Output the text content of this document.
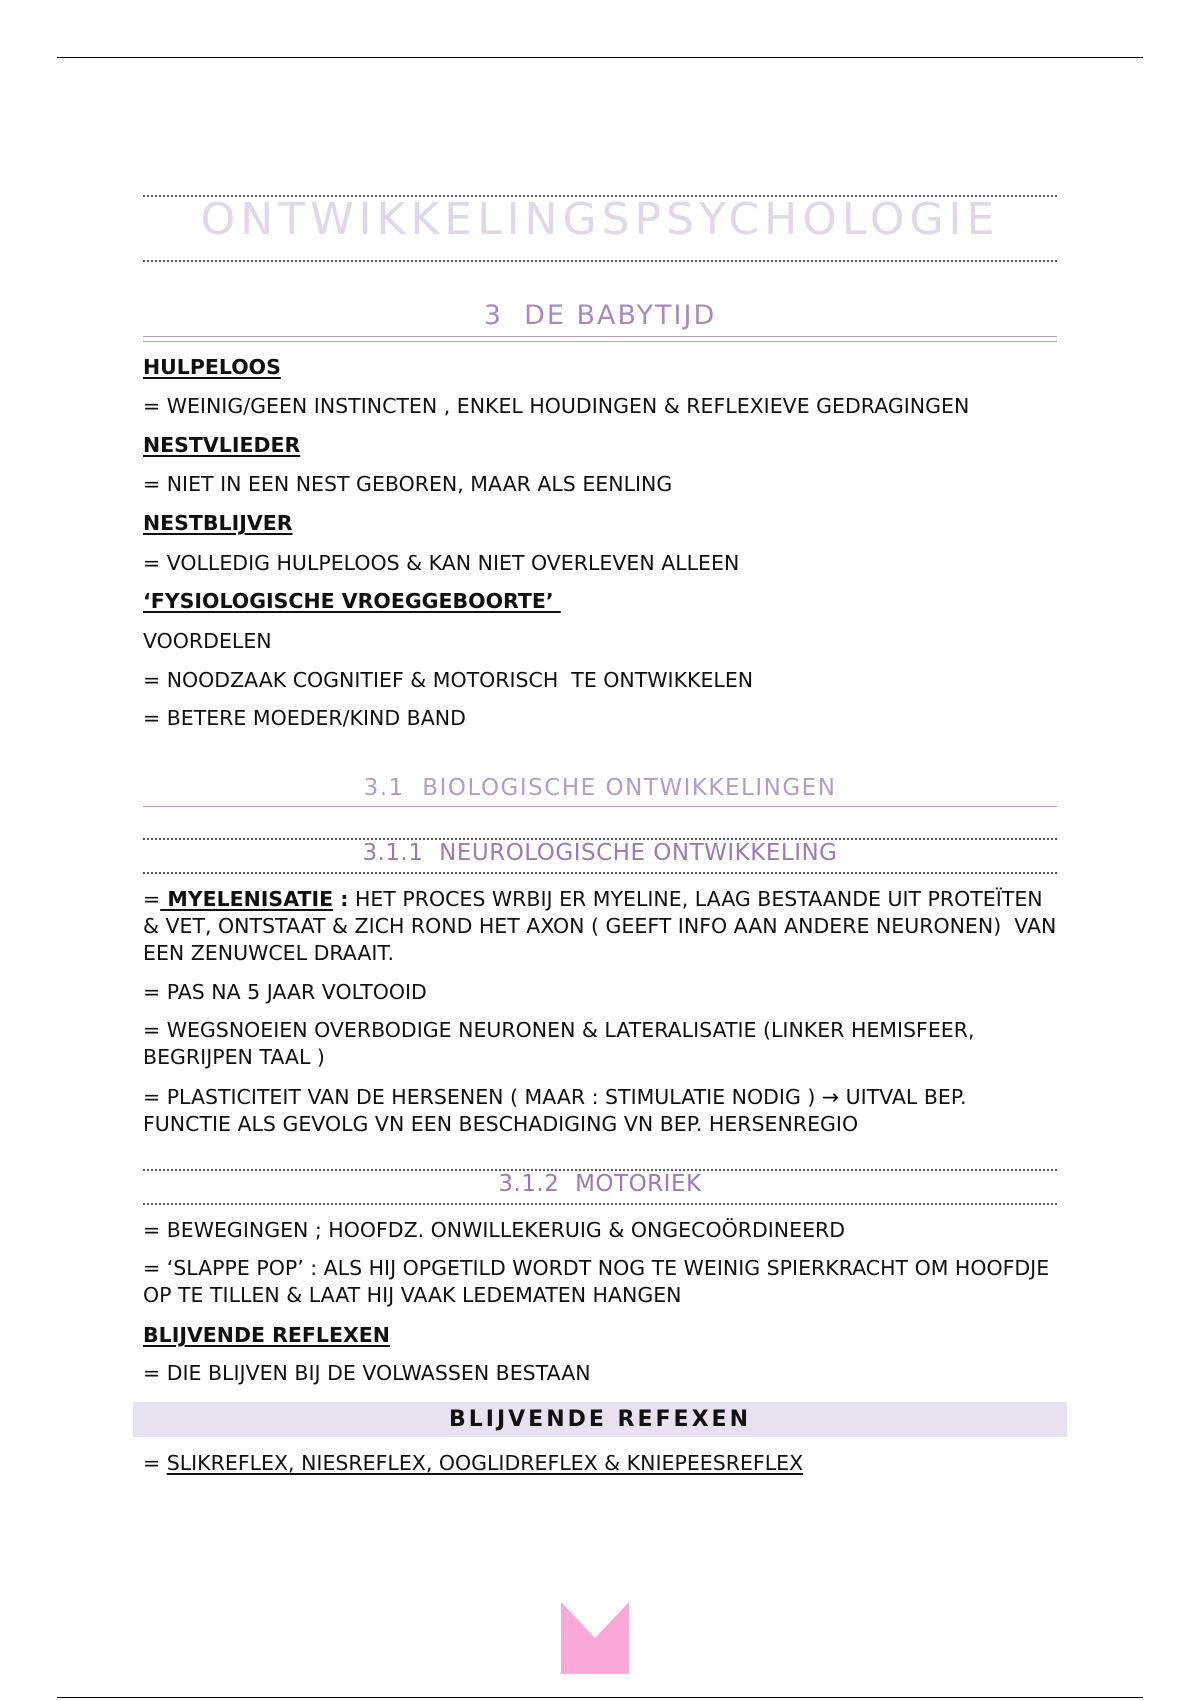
ONTWIKKELINGSPSYCHOLOGIE
3 DE BABYTIJD
HULPELOOS
= WEINIG/GEEN INSTINCTEN , ENKEL HOUDINGEN & REFLEXIEVE GEDRAGINGEN
NESTVLIEDER
= NIET IN EEN NEST GEBOREN, MAAR ALS EENLING
NESTBLIJVER
= VOLLEDIG HULPELOOS & KAN NIET OVERLEVEN ALLEEN
‘FYSIOLOGISCHE VROEGGEBOORTE’
VOORDELEN
= NOODZAAK COGNITIEF & MOTORISCH  TE ONTWIKKELEN
= BETERE MOEDER/KIND BAND
3.1 BIOLOGISCHE ONTWIKKELINGEN
3.1.1 NEUROLOGISCHE ONTWIKKELING
= MYELENISATIE : HET PROCES WRBIJ ER MYELINE, LAAG BESTAANDE UIT PROTEÏTEN & VET, ONTSTAAT & ZICH ROND HET AXON ( GEEFT INFO AAN ANDERE NEURONEN)  VAN EEN ZENUWCEL DRAAIT.
= PAS NA 5 JAAR VOLTOOID
= WEGSNOEIEN OVERBODIGE NEURONEN & LATERALISATIE (LINKER HEMISFEER, BEGRIJPEN TAAL )
= PLASTICITEIT VAN DE HERSENEN ( MAAR : STIMULATIE NODIG ) → UITVAL BEP. FUNCTIE ALS GEVOLG VN EEN BESCHADIGING VN BEP. HERSENREGIO
3.1.2 MOTORIEK
= BEWEGINGEN ; HOOFDZ. ONWILLEKERUIG & ONGECOÖRDINEERD
= ‘SLAPPE POP’ : ALS HIJ OPGETILD WORDT NOG TE WEINIG SPIERKRACHT OM HOOFDJE OP TE TILLEN & LAAT HIJ VAAK LEDEMATEN HANGEN
BLIJVENDE REFLEXEN
= DIE BLIJVEN BIJ DE VOLWASSEN BESTAAN
BLIJVENDE REFEXEN
= SLIKREFLEX, NIESREFLEX, OOGLIDREFLEX & KNIEPEESREFLEX
